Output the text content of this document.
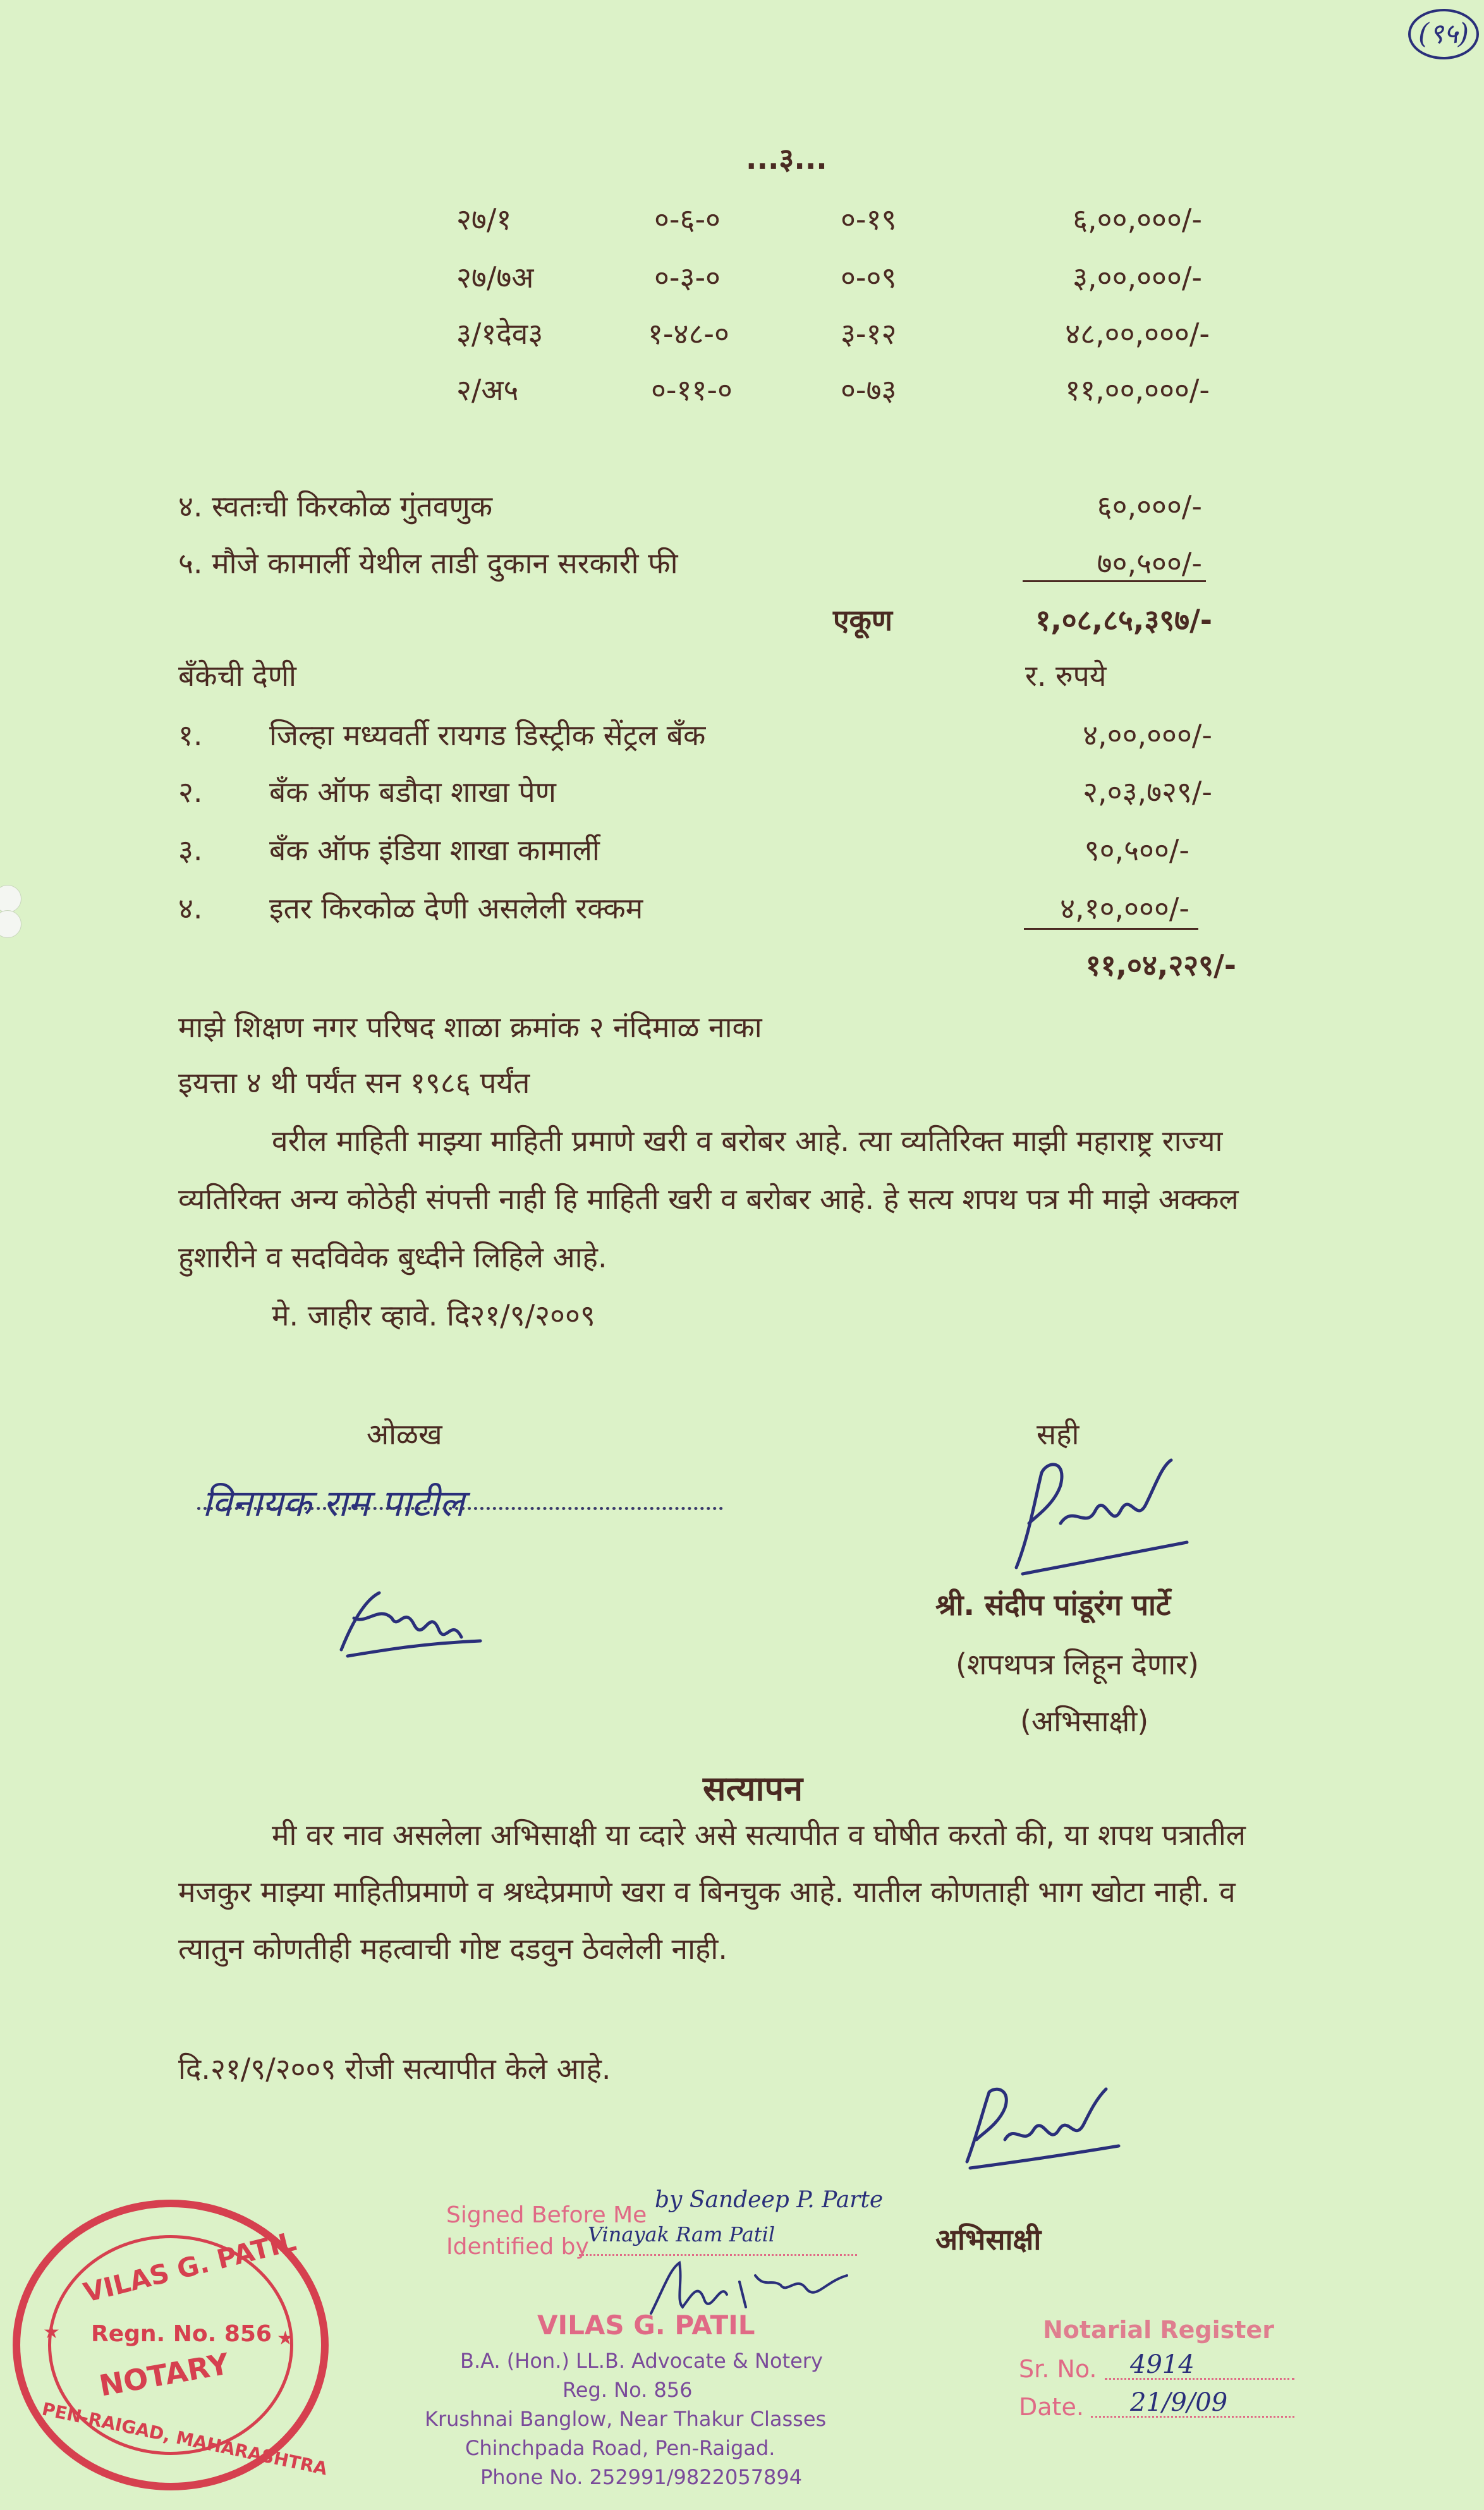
(९५)
...३...
२७/१	०-६-०	०-१९	६,००,०००/-
२७/७अ	०-३-०	०-०९	३,००,०००/-
३/१देव३	१-४८-०	३-१२	४८,००,०००/-
२/अ५	०-११-०	०-७३	११,००,०००/-
४. स्वतःची किरकोळ गुंतवणुक	६०,०००/-
५. मौजे कामार्ली येथील ताडी दुकान सरकारी फी	७०,५००/-
एकूण	१,०८,८५,३९७/-
बँकेची देणी	र. रुपये
१. जिल्हा मध्यवर्ती रायगड डिस्ट्रीक सेंट्रल बँक	४,००,०००/-
२. बँक ऑफ बडौदा शाखा पेण	२,०३,७२९/-
३. बँक ऑफ इंडिया शाखा कामार्ली	९०,५००/-
४. इतर किरकोळ देणी असलेली रक्कम	४,१०,०००/-
११,०४,२२९/-
माझे शिक्षण नगर परिषद शाळा क्रमांक २ नंदिमाळ नाका
इयत्ता ४ थी पर्यंत सन १९८६ पर्यंत
वरील माहिती माझ्या माहिती प्रमाणे खरी व बरोबर आहे. त्या व्यतिरिक्त माझी महाराष्ट्र राज्या
व्यतिरिक्त अन्य कोठेही संपत्ती नाही हि माहिती खरी व बरोबर आहे. हे सत्य शपथ पत्र मी माझे अक्कल
हुशारीने व सदविवेक बुध्दीने लिहिले आहे.
मे. जाहीर व्हावे. दि२१/९/२००९
ओळख
विनायक राम पाटील
सही
श्री. संदीप पांडूरंग पार्टे
(शपथपत्र लिहून देणार)
(अभिसाक्षी)
सत्यापन
मी वर नाव असलेला अभिसाक्षी या व्दारे असे सत्यापीत व घोषीत करतो की, या शपथ पत्रातील
मजकुर माझ्या माहितीप्रमाणे व श्रध्देप्रमाणे खरा व बिनचुक आहे. यातील कोणताही भाग खोटा नाही. व
त्यातुन कोणतीही महत्वाची गोष्ट दडवुन ठेवलेली नाही.
दि.२१/९/२००९ रोजी सत्यापीत केले आहे.
अभिसाक्षी
VILAS G. PATIL
Regn. No. 856
NOTARY
PEN-RAIGAD, MAHARASHTRA
★	★
Signed Before Me
by Sandeep P. Parte
Identified by
Vinayak Ram Patil
VILAS G. PATIL
B.A. (Hon.) LL.B. Advocate & Notery
Reg. No. 856
Krushnai Banglow, Near Thakur Classes
Chinchpada Road, Pen-Raigad.
Phone No. 252991/9822057894
Notarial Register
Sr. No. 4914
Date. 21/9/09
